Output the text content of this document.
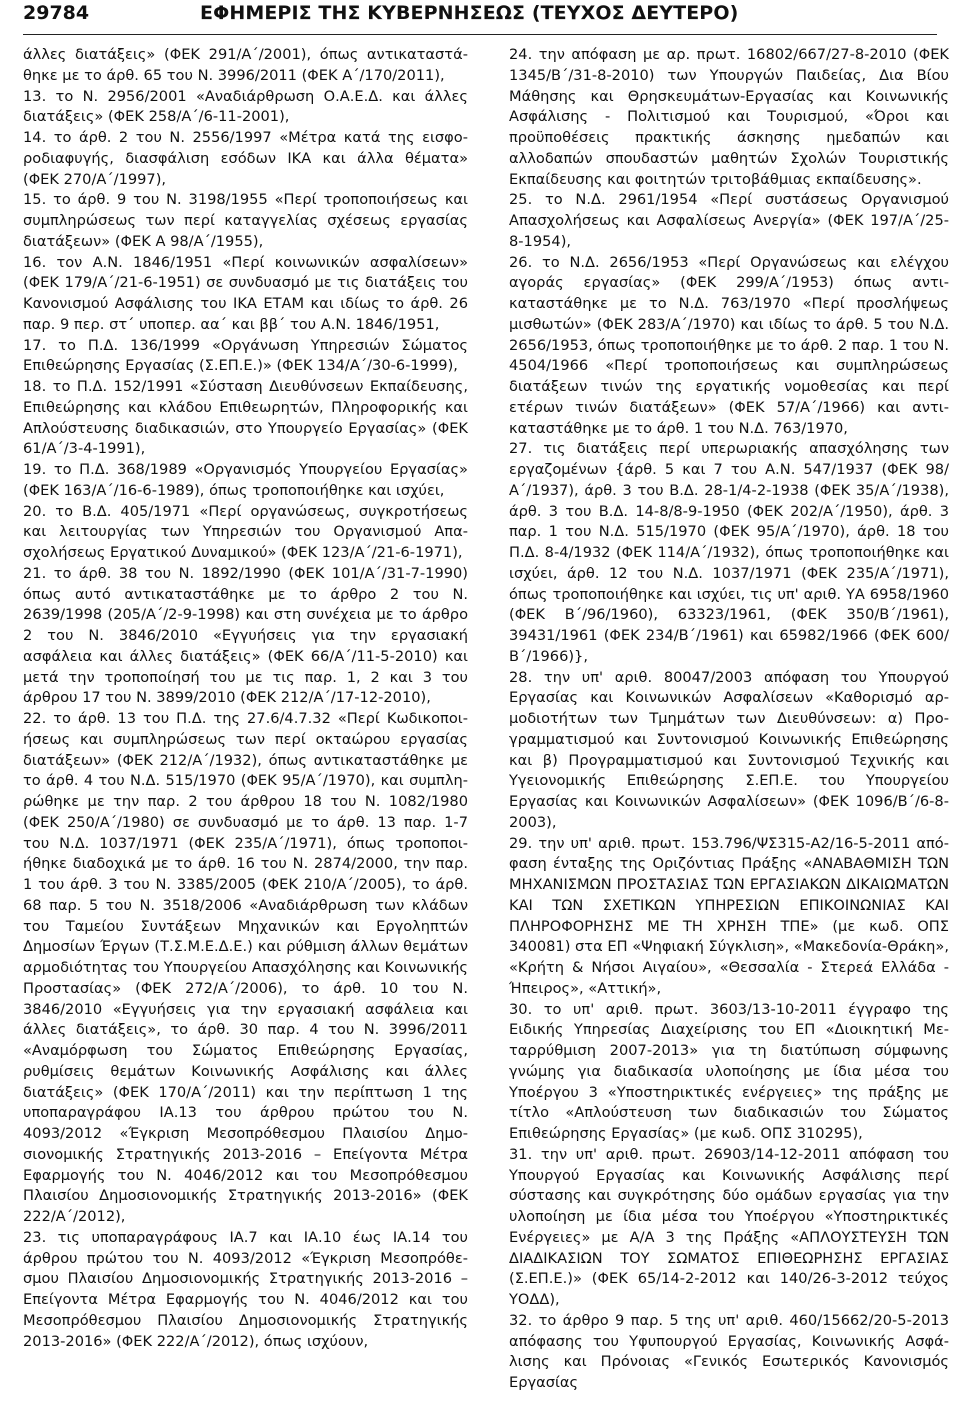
29784	ΕΦΗΜΕΡΙΣ ΤΗΣ ΚΥΒΕΡΝΗΣΕΩΣ (ΤΕΥΧΟΣ ΔΕΥΤΕΡΟ)

άλλες διατάξεις» (ΦΕΚ 291/Α΄/2001), όπως αντικαταστάθηκε με το άρθ. 65 του Ν. 3996/2011 (ΦΕΚ Α΄/170/2011),

13. το Ν. 2956/2001 «Αναδιάρθρωση Ο.Α.Ε.Δ. και άλλες διατάξεις» (ΦΕΚ 258/Α΄/6-11-2001),

14. το άρθ. 2 του Ν. 2556/1997 «Μέτρα κατά της εισφοροδιαφυγής, διασφάλιση εσόδων ΙΚΑ και άλλα θέματα» (ΦΕΚ 270/Α΄/1997),

15. το άρθ. 9 του Ν. 3198/1955 «Περί τροποποιήσεως και συμπληρώσεως των περί καταγγελίας σχέσεως εργασίας διατάξεων» (ΦΕΚ Α 98/Α΄/1955),

16. τον Α.Ν. 1846/1951 «Περί κοινωνικών ασφαλίσεων» (ΦΕΚ 179/Α΄/21-6-1951) σε συνδυασμό με τις διατάξεις του Κανονισμού Ασφάλισης του ΙΚΑ ΕΤΑΜ και ιδίως το άρθ. 26 παρ. 9 περ. στ΄ υποπερ. αα΄ και ββ΄ του Α.Ν. 1846/1951,

17. το Π.Δ. 136/1999 «Οργάνωση Υπηρεσιών Σώματος Επιθεώρησης Εργασίας (Σ.ΕΠ.Ε.)» (ΦΕΚ 134/Α΄/30-6-1999),

18. το Π.Δ. 152/1991 «Σύσταση Διευθύνσεων Εκπαίδευσης, Επιθεώρησης και κλάδου Επιθεωρητών, Πληροφορικής και Απλούστευσης διαδικασιών, στο Υπουργείο Εργασίας» (ΦΕΚ 61/Α΄/3-4-1991),

19. το Π.Δ. 368/1989 «Οργανισμός Υπουργείου Εργασίας» (ΦΕΚ 163/Α΄/16-6-1989), όπως τροποποιήθηκε και ισχύει,

20. το Β.Δ. 405/1971 «Περί οργανώσεως, συγκροτήσεως και λειτουργίας των Υπηρεσιών του Οργανισμού Απασχολήσεως Εργατικού Δυναμικού» (ΦΕΚ 123/Α΄/21-6-1971),

21. το άρθ. 38 του Ν. 1892/1990 (ΦΕΚ 101/Α΄/31-7-1990) όπως αυτό αντικαταστάθηκε με το άρθρο 2 του Ν. 2639/1998 (205/Α΄/2-9-1998) και στη συνέχεια με το άρθρο 2 του Ν. 3846/2010 «Εγγυήσεις για την εργασιακή ασφάλεια και άλλες διατάξεις» (ΦΕΚ 66/Α΄/11-5-2010) και μετά την τροποποίησή του με τις παρ. 1, 2 και 3 του άρθρου 17 του Ν. 3899/2010 (ΦΕΚ 212/Α΄/17-12-2010),

22. το άρθ. 13 του Π.Δ. της 27.6/4.7.32 «Περί Κωδικοποιήσεως και συμπληρώσεως των περί οκταώρου εργασίας διατάξεων» (ΦΕΚ 212/Α΄/1932), όπως αντικαταστάθηκε με το άρθ. 4 του Ν.Δ. 515/1970 (ΦΕΚ 95/Α΄/1970), και συμπληρώθηκε με την παρ. 2 του άρθρου 18 του Ν. 1082/1980 (ΦΕΚ 250/Α΄/1980) σε συνδυασμό με το άρθ. 13 παρ. 1-7 του Ν.Δ. 1037/1971 (ΦΕΚ 235/Α΄/1971), όπως τροποποιήθηκε διαδοχικά με το άρθ. 16 του Ν. 2874/2000, την παρ. 1 του άρθ. 3 του Ν. 3385/2005 (ΦΕΚ 210/Α΄/2005), το άρθ. 68 παρ. 5 του Ν. 3518/2006 «Αναδιάρθρωση των κλάδων του Ταμείου Συντάξεων Μηχανικών και Εργοληπτών Δημοσίων Έργων (Τ.Σ.Μ.Ε.Δ.Ε.) και ρύθμιση άλλων θεμάτων αρμοδιότητας του Υπουργείου Απασχόλησης και Κοινωνικής Προστασίας» (ΦΕΚ 272/Α΄/2006), το άρθ. 10 του Ν. 3846/2010 «Εγγυήσεις για την εργασιακή ασφάλεια και άλλες διατάξεις», το άρθ. 30 παρ. 4 του Ν. 3996/2011 «Αναμόρφωση του Σώματος Επιθεώρησης Εργασίας, ρυθμίσεις θεμάτων Κοινωνικής Ασφάλισης και άλλες διατάξεις» (ΦΕΚ 170/Α΄/2011) και την περίπτωση 1 της υποπαραγράφου ΙΑ.13 του άρθρου πρώτου του Ν. 4093/2012 «Έγκριση Μεσοπρόθεσμου Πλαισίου Δημοσιονομικής Στρατηγικής 2013-2016 – Επείγοντα Μέτρα Εφαρμογής του Ν. 4046/2012 και του Μεσοπρόθεσμου Πλαισίου Δημοσιονομικής Στρατηγικής 2013-2016» (ΦΕΚ 222/Α΄/2012),

23. τις υποπαραγράφους ΙΑ.7 και ΙΑ.10 έως ΙΑ.14 του άρθρου πρώτου του Ν. 4093/2012 «Έγκριση Μεσοπρόθεσμου Πλαισίου Δημοσιονομικής Στρατηγικής 2013-2016 – Επείγοντα Μέτρα Εφαρμογής του Ν. 4046/2012 και του Μεσοπρόθεσμου Πλαισίου Δημοσιονομικής Στρατηγικής 2013-2016» (ΦΕΚ 222/Α΄/2012), όπως ισχύουν,

24. την απόφαση με αρ. πρωτ. 16802/667/27-8-2010 (ΦΕΚ 1345/Β΄/31-8-2010) των Υπουργών Παιδείας, Δια Βίου Μάθησης και Θρησκευμάτων-Εργασίας και Κοινωνικής Ασφάλισης - Πολιτισμού και Τουρισμού, «Όροι και προϋποθέσεις πρακτικής άσκησης ημεδαπών και αλλοδαπών σπουδαστών μαθητών Σχολών Τουριστικής Εκπαίδευσης και φοιτητών τριτοβάθμιας εκπαίδευσης».

25. το Ν.Δ. 2961/1954 «Περί συστάσεως Οργανισμού Απασχολήσεως και Ασφαλίσεως Ανεργία» (ΦΕΚ 197/Α΄/25-8-1954),

26. το Ν.Δ. 2656/1953 «Περί Οργανώσεως και ελέγχου αγοράς εργασίας» (ΦΕΚ 299/Α΄/1953) όπως αντικαταστάθηκε με το Ν.Δ. 763/1970 «Περί προσλήψεως μισθωτών» (ΦΕΚ 283/Α΄/1970) και ιδίως το άρθ. 5 του Ν.Δ. 2656/1953, όπως τροποποιήθηκε με το άρθ. 2 παρ. 1 του Ν. 4504/1966 «Περί τροποποιήσεως και συμπληρώσεως διατάξεων τινών της εργατικής νομοθεσίας και περί ετέρων τινών διατάξεων» (ΦΕΚ 57/Α΄/1966) και αντικαταστάθηκε με το άρθ. 1 του Ν.Δ. 763/1970,

27. τις διατάξεις περί υπερωριακής απασχόλησης των εργαζομένων {άρθ. 5 και 7 του Α.Ν. 547/1937 (ΦΕΚ 98/Α΄/1937), άρθ. 3 του Β.Δ. 28-1/4-2-1938 (ΦΕΚ 35/Α΄/1938), άρθ. 3 του Β.Δ. 14-8/8-9-1950 (ΦΕΚ 202/Α΄/1950), άρθ. 3 παρ. 1 του Ν.Δ. 515/1970 (ΦΕΚ 95/Α΄/1970), άρθ. 18 του Π.Δ. 8-4/1932 (ΦΕΚ 114/Α΄/1932), όπως τροποποιήθηκε και ισχύει, άρθ. 12 του Ν.Δ. 1037/1971 (ΦΕΚ 235/Α΄/1971), όπως τροποποιήθηκε και ισχύει, τις υπ' αριθ. ΥΑ 6958/1960 (ΦΕΚ Β΄/96/1960), 63323/1961, (ΦΕΚ 350/Β΄/1961), 39431/1961 (ΦΕΚ 234/Β΄/1961) και 65982/1966 (ΦΕΚ 600/Β΄/1966)},

28. την υπ' αριθ. 80047/2003 απόφαση του Υπουργού Εργασίας και Κοινωνικών Ασφαλίσεων «Καθορισμό αρμοδιοτήτων των Τμημάτων των Διευθύνσεων: α) Προγραμματισμού και Συντονισμού Κοινωνικής Επιθεώρησης και β) Προγραμματισμού και Συντονισμού Τεχνικής και Υγειονομικής Επιθεώρησης Σ.ΕΠ.Ε. του Υπουργείου Εργασίας και Κοινωνικών Ασφαλίσεων» (ΦΕΚ 1096/Β΄/6-8-2003),

29. την υπ' αριθ. πρωτ. 153.796/ΨΣ315-Α2/16-5-2011 απόφαση ένταξης της Οριζόντιας Πράξης «ΑΝΑΒΑΘΜΙΣΗ ΤΩΝ ΜΗΧΑΝΙΣΜΩΝ ΠΡΟΣΤΑΣΙΑΣ ΤΩΝ ΕΡΓΑΣΙΑΚΩΝ ΔΙΚΑΙΩΜΑΤΩΝ ΚΑΙ ΤΩΝ ΣΧΕΤΙΚΩΝ ΥΠΗΡΕΣΙΩΝ ΕΠΙΚΟΙΝΩΝΙΑΣ ΚΑΙ ΠΛΗΡΟΦΟΡΗΣΗΣ ΜΕ ΤΗ ΧΡΗΣΗ ΤΠΕ» (με κωδ. ΟΠΣ 340081) στα ΕΠ «Ψηφιακή Σύγκλιση», «Μακεδονία-Θράκη», «Κρήτη & Νήσοι Αιγαίου», «Θεσσαλία - Στερεά Ελλάδα - Ήπειρος», «Αττική»,

30. το υπ' αριθ. πρωτ. 3603/13-10-2011 έγγραφο της Ειδικής Υπηρεσίας Διαχείρισης του ΕΠ «Διοικητική Μεταρρύθμιση 2007-2013» για τη διατύπωση σύμφωνης γνώμης για διαδικασία υλοποίησης με ίδια μέσα του Υποέργου 3 «Υποστηρικτικές ενέργειες» της πράξης με τίτλο «Απλούστευση των διαδικασιών του Σώματος Επιθεώρησης Εργασίας» (με κωδ. ΟΠΣ 310295),

31. την υπ' αριθ. πρωτ. 26903/14-12-2011 απόφαση του Υπουργού Εργασίας και Κοινωνικής Ασφάλισης περί σύστασης και συγκρότησης δύο ομάδων εργασίας για την υλοποίηση με ίδια μέσα του Υποέργου «Υποστηρικτικές Ενέργειες» με Α/Α 3 της Πράξης «ΑΠΛΟΥΣΤΕΥΣΗ ΤΩΝ ΔΙΑΔΙΚΑΣΙΩΝ ΤΟΥ ΣΩΜΑΤΟΣ ΕΠΙΘΕΩΡΗΣΗΣ ΕΡΓΑΣΙΑΣ (Σ.ΕΠ.Ε.)» (ΦΕΚ 65/14-2-2012 και 140/26-3-2012 τεύχος ΥΟΔΔ),

32. το άρθρο 9 παρ. 5 της υπ' αριθ. 460/15662/20-5-2013 απόφασης του Υφυπουργού Εργασίας, Κοινωνικής Ασφάλισης και Πρόνοιας «Γενικός Εσωτερικός Κανονισμός Εργασίας
